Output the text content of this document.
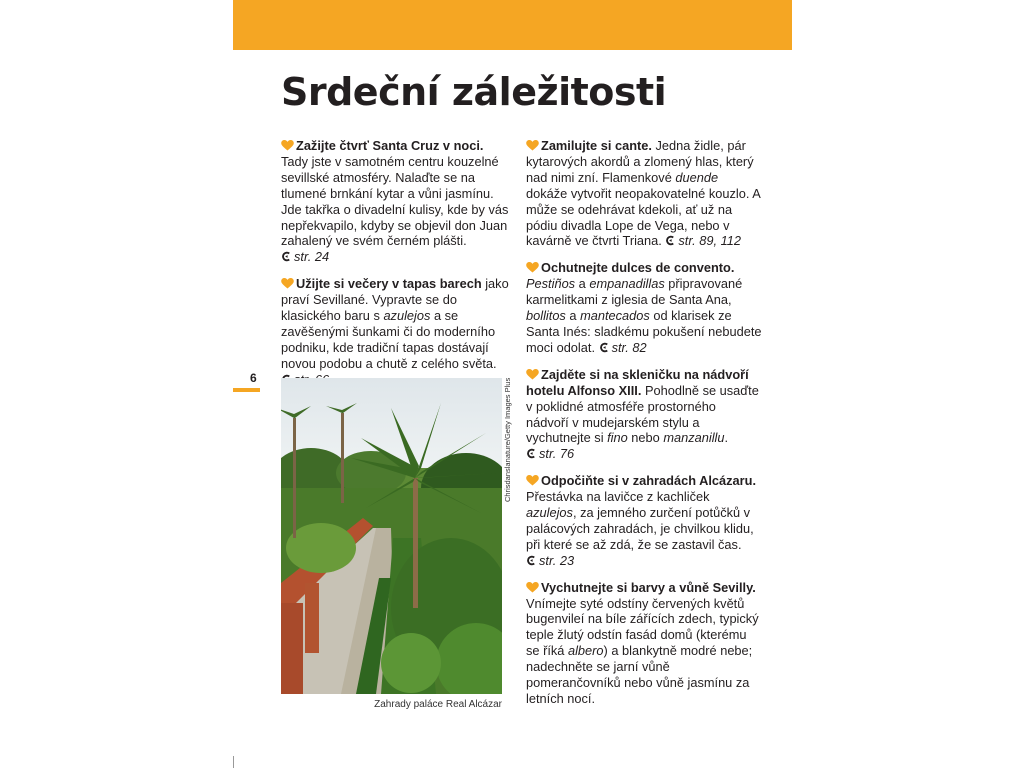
Srdeční záležitosti

Zažijte čtvrť Santa Cruz v noci. Tady jste v samotném centru kouzelné sevillské atmosféry. Nalaďte se na tlumené brnkání kytar a vůni jasmínu. Jde takřka o divadelní kulisy, kde by vás nepřekvapilo, kdyby se objevil don Juan zahalený ve svém černém plášti. str. 24

Užijte si večery v tapas barech jako praví Sevillané. Vypravte se do klasického baru s azulejos a se zavěšenými šunkami či do moderního podniku, kde tradiční tapas dostávají novou podobu a chutě z celého světa.

Zamilujte si cante. Jedna židle, pár kytarových akordů a zlomený hlas, který nad nimi zní. Flamenkové duende dokáže vytvořit neopakovatelné kouzlo. A může se odehrávat kdekoli, ať už na pódiu divadla Lope de Vega, nebo v kavárně ve čtvrti Triana. str. 89, 112

Ochutnejte dulces de convento. Pestiños a empanadillas připravované karmelitkami z iglesia de Santa Ana, bollitos a mantecados od klarisek ze Santa Inés: sladkému pokušení nebudete moci odolat. str. 82

Zajděte si na skleničku na nádvoří hotelu Alfonso XIII. Pohodlně se usaďte v poklidné atmosféře prostorného nádvoří v mudejarském stylu a vychutnejte si fino nebo manzanillu. str. 76

Odpočiňte si v zahradách Alcázaru. Přestávka na lavičce z kachliček azulejos, za jemného zurčení potůčků v palácových zahradách, je chvilkou klidu, při které se až zdá, že se zastavil čas. str. 23

Vychutnejte si barvy a vůně Sevilly. Vnímejte syté odstíny červených květů bugenvileí na bíle zářících zdech, typický teple žlutý odstín fasád domů (kterému se říká albero) a blankytně modré nebe; nadechněte se jarní vůně pomerančovníků nebo vůně jasmínu za letních nocí.

6	Chrisdanslanature/Getty Images Plus
Zahrady paláce Real Alcázar
